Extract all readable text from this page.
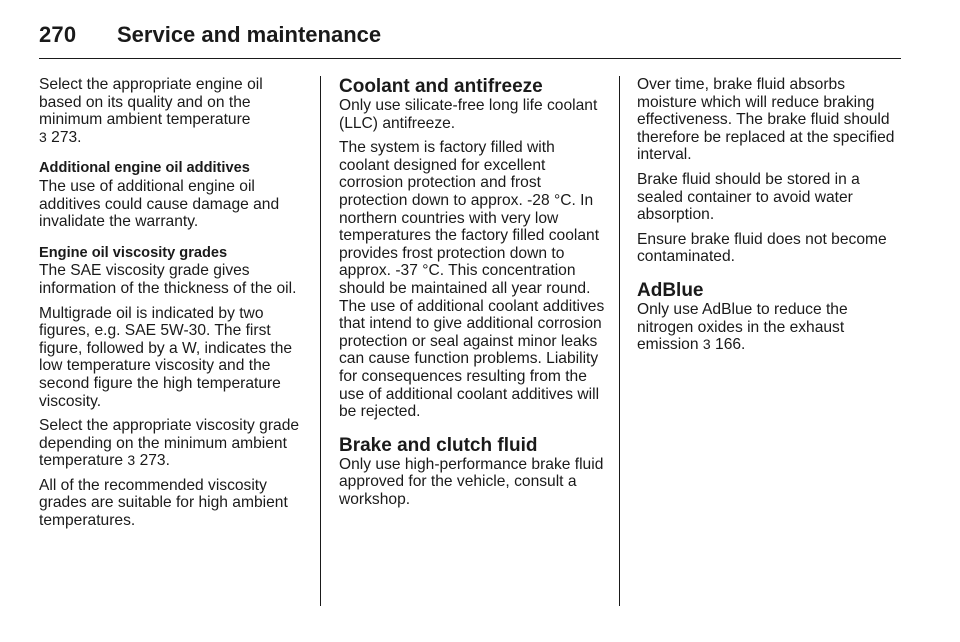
270 Service and maintenance

Select the appropriate engine oil based on its quality and on the minimum ambient temperature
3 273.

Additional engine oil additives

The use of additional engine oil additives could cause damage and invalidate the warranty.

Engine oil viscosity grades

The SAE viscosity grade gives information of the thickness of the oil.

Multigrade oil is indicated by two figures, e.g. SAE 5W-30. The first figure, followed by a W, indicates the low temperature viscosity and the second figure the high temperature viscosity.

Select the appropriate viscosity grade depending on the minimum ambient temperature 3 273.

All of the recommended viscosity grades are suitable for high ambient temperatures.

Coolant and antifreeze

Only use silicate-free long life coolant (LLC) antifreeze.

The system is factory filled with coolant designed for excellent corrosion protection and frost protection down to approx. -28 °C. In northern countries with very low temperatures the factory filled coolant provides frost protection down to approx. -37 °C. This concentration should be maintained all year round. The use of additional coolant additives that intend to give additional corrosion protection or seal against minor leaks can cause function problems. Liability for consequences resulting from the use of additional coolant additives will be rejected.

Brake and clutch fluid

Only use high-performance brake fluid approved for the vehicle, consult a workshop.

Over time, brake fluid absorbs moisture which will reduce braking effectiveness. The brake fluid should therefore be replaced at the specified interval.

Brake fluid should be stored in a sealed container to avoid water absorption.

Ensure brake fluid does not become contaminated.

AdBlue

Only use AdBlue to reduce the nitrogen oxides in the exhaust emission 3 166.
